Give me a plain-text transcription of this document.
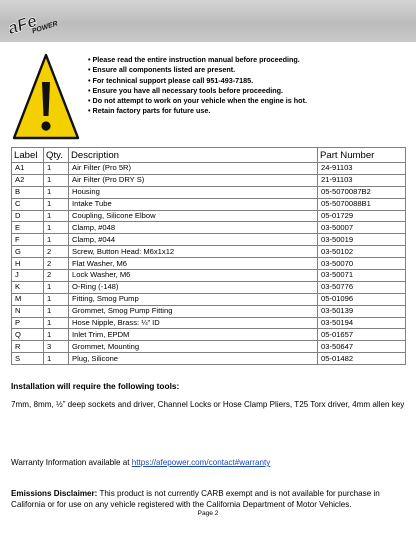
aFe
POWER
• Please read the entire instruction manual before proceeding.
• Ensure all components listed are present.
• For technical support please call 951-493-7185.
• Ensure you have all necessary tools before proceeding.
• Do not attempt to work on your vehicle when the engine is hot.
• Retain factory parts for future use.
Label	Qty.	Description	Part Number
A1	1	Air Filter (Pro 5R)	24-91103
A2	1	Air Filter (Pro DRY S)	21-91103
B	1	Housing	05-5070087B2
C	1	Intake Tube	05-5070088B1
D	1	Coupling, Silicone Elbow	05-01729
E	1	Clamp, #048	03-50007
F	1	Clamp, #044	03-50019
G	2	Screw, Button Head: M6x1x12	03-50102
H	2	Flat Washer, M6	03-50070
J	2	Lock Washer, M6	03-50071
K	1	O-Ring (-148)	03-50776
M	1	Fitting, Smog Pump	05-01096
N	1	Grommet, Smog Pump Fitting	03-50139
P	1	Hose Nipple, Brass: ¼” ID	03-50194
Q	1	Inlet Trim, EPDM	05-01657
R	3	Grommet, Mounting	03-50647
S	1	Plug, Silicone	05-01482
Installation will require the following tools:
7mm, 8mm, ½” deep sockets and driver, Channel Locks or Hose Clamp Pliers, T25 Torx driver, 4mm allen key
Warranty Information available at https://afepower.com/contact#warranty
Emissions Disclaimer: This product is not currently CARB exempt and is not available for purchase in California or for use on any vehicle registered with the California Department of Motor Vehicles.
Page 2
